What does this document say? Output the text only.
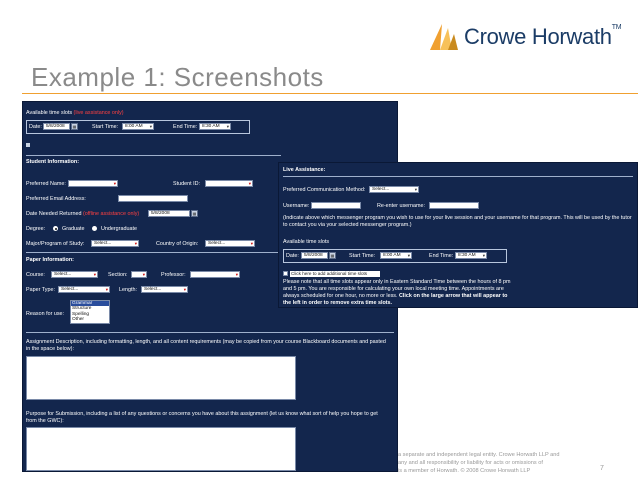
Crowe Horwath™
Example 1: Screenshots
Available time slots (live assistance only)
Date: 5/8/2008	▦	Start Time:	8:00 AM ▾	End Time: 8:30 AM ▾
Student Information:
Preferred Name:	▾	Student ID:	▾
Preferred Email Address:
Date Needed Returned (offline assistance only)	5/8/2008	▦
Degree:	Graduate	Undergraduate
Major/Program of Study:	Select...	▾	Country of Origin:	Select...	▾
Paper Information:
Course:	Select...	▾ Section:	▾	Professor:	▾
Paper Type:	Select...	▾ Length:	Select...	▾
Reason for use:
Grammar
Structure
Spelling
Other
Assignment Description, including formatting, length, and all content requirements (may be copied from your course Blackboard documents and pasted in the space below):
Purpose for Submission, including a list of any questions or concerns you have about this assignment (let us know what sort of help you hope to get from the GWC):
Live Assistance:
Preferred Communication Method:	Select...	▾
Username:	Re-enter username:
(Indicate above which messenger program you wish to use for your live session and your username for that program. This will be used by the tutor to contact you via your selected messenger program.)
Available time slots
Date:	5/8/2008	▦	Start Time:	8:00 AM ▾	End Time: 8:30 AM ▾
Click here to add additional time slots
Please note that all time slots appear only in Eastern Standard Time between the hours of 8 pm and 5 pm. You are responsible for calculating your own local meeting time. Appointments are always scheduled for one hour, no more or less. Click on the large arrow that will appear to the left in order to remove extra time slots.
a separate and independent legal entity. Crowe Horwath LLP and
any and all responsibility or liability for acts or omissions of
is a member of Horwath. © 2008 Crowe Horwath LLP	7
